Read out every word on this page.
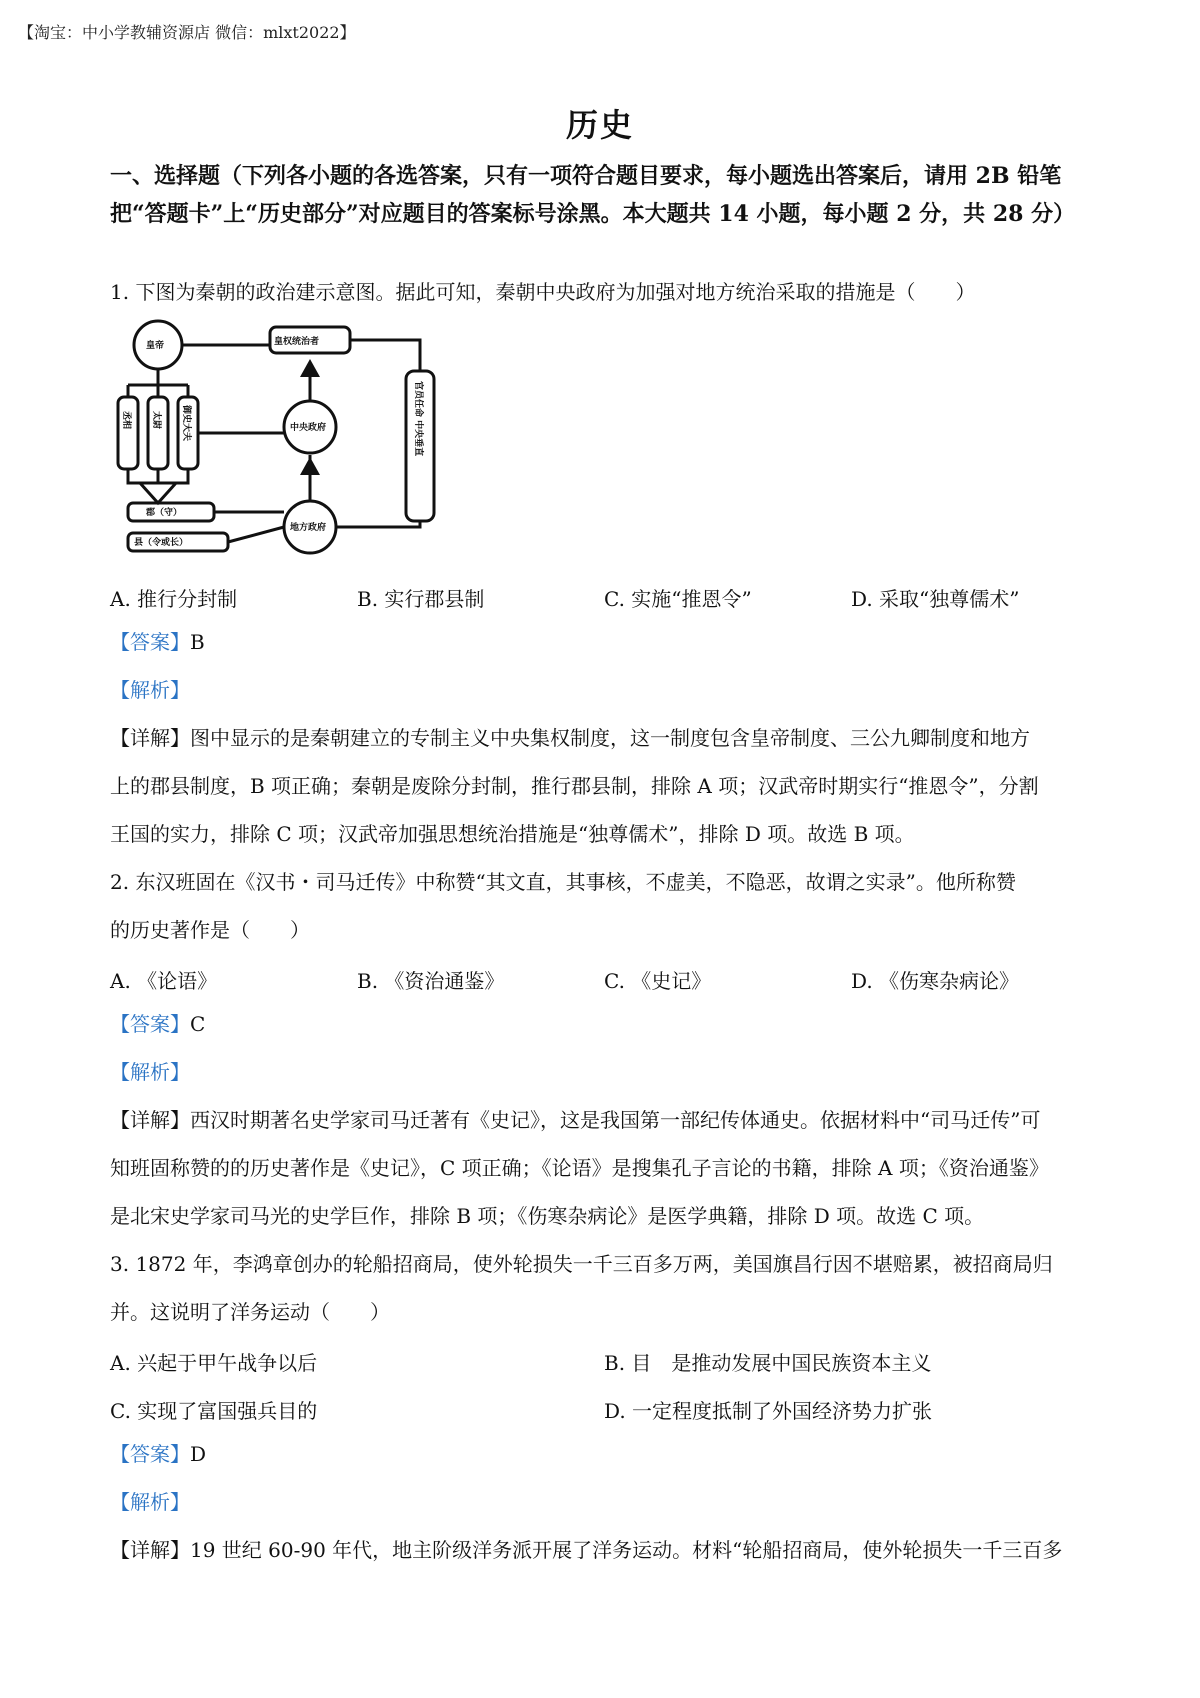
【淘宝：中小学教辅资源店 微信：mlxt2022】
历史
一、选择题（下列各小题的各选答案，只有一项符合题目要求，每小题选出答案后，请用 2B 铅笔把“答题卡”上“历史部分”对应题目的答案标号涂黑。本大题共 14 小题，每小题 2 分，共 28 分）
1. 下图为秦朝的政治建示意图。据此可知，秦朝中央政府为加强对地方统治采取的措施是（　　）
皇帝	皇权统治者
中央政府
地方政府
郡（守）
县（令或长）
丞相 太尉 御史大夫	官员任命 中央垂直
A. 推行分封制	B. 实行郡县制	C. 实施“推恩令”	D. 采取“独尊儒术”
【答案】B
【解析】
【详解】图中显示的是秦朝建立的专制主义中央集权制度，这一制度包含皇帝制度、三公九卿制度和地方
上的郡县制度，B 项正确；秦朝是废除分封制，推行郡县制，排除 A 项；汉武帝时期实行“推恩令”，分割
王国的实力，排除 C 项；汉武帝加强思想统治措施是“独尊儒术”，排除 D 项。故选 B 项。
2. 东汉班固在《汉书・司马迁传》中称赞“其文直，其事核，不虚美，不隐恶，故谓之实录”。他所称赞
的历史著作是（　　）
A. 《论语》	B. 《资治通鉴》	C. 《史记》	D. 《伤寒杂病论》
【答案】C
【解析】
【详解】西汉时期著名史学家司马迁著有《史记》，这是我国第一部纪传体通史。依据材料中“司马迁传”可
知班固称赞的的历史著作是《史记》，C 项正确；《论语》是搜集孔子言论的书籍，排除 A 项；《资治通鉴》
是北宋史学家司马光的史学巨作，排除 B 项；《伤寒杂病论》是医学典籍，排除 D 项。故选 C 项。
3. 1872 年，李鸿章创办的轮船招商局，使外轮损失一千三百多万两，美国旗昌行因不堪赔累，被招商局归
并。这说明了洋务运动（　　）
A. 兴起于甲午战争以后	B. 目　是推动发展中国民族资本主义
C. 实现了富国强兵目的	D. 一定程度抵制了外国经济势力扩张
【答案】D
【解析】
【详解】19 世纪 60-90 年代，地主阶级洋务派开展了洋务运动。材料“轮船招商局，使外轮损失一千三百多
